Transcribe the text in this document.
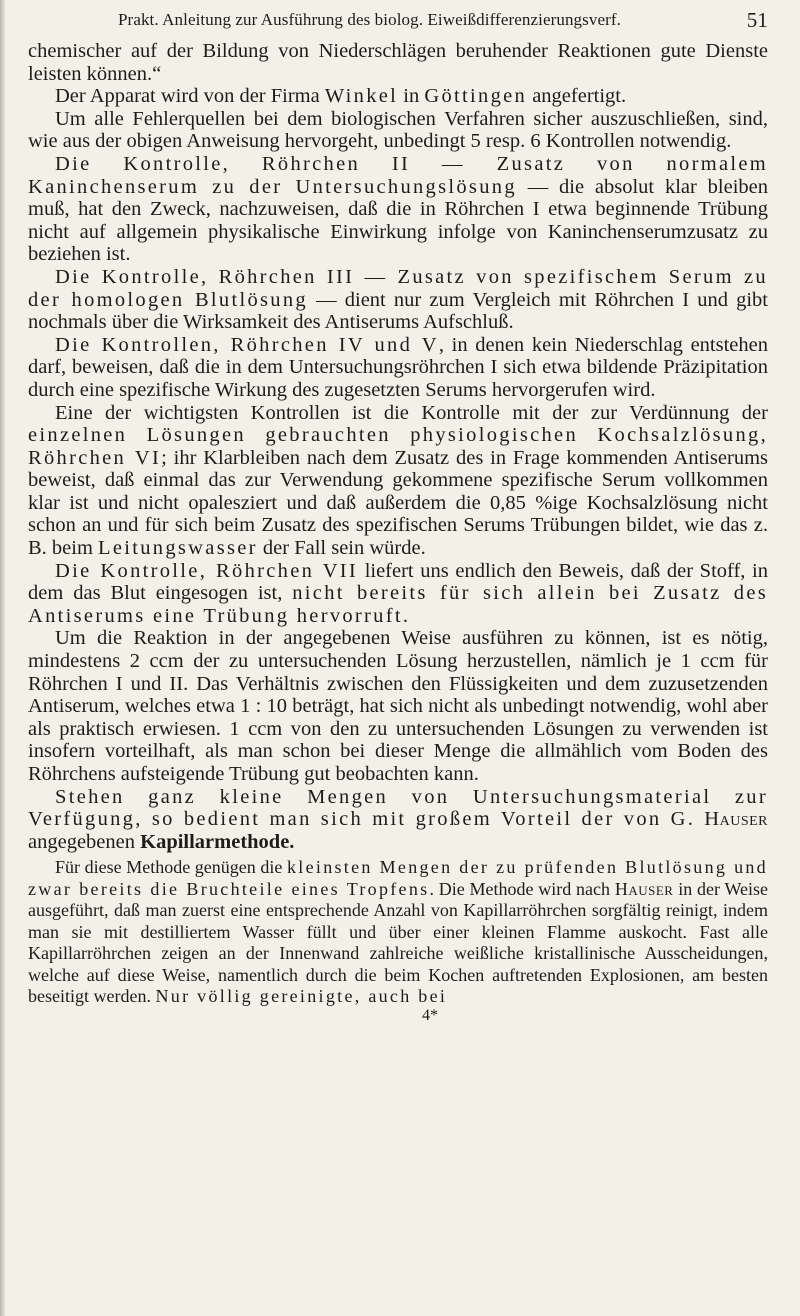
Prakt. Anleitung zur Ausführung des biolog. Eiweißdifferenzierungsverf.	51

chemischer auf der Bildung von Niederschlägen beruhender Reaktionen gute Dienste leisten können.“

Der Apparat wird von der Firma Winkel in Göttingen angefertigt.

Um alle Fehlerquellen bei dem biologischen Verfahren sicher auszuschließen, sind, wie aus der obigen Anweisung hervorgeht, unbedingt 5 resp. 6 Kontrollen notwendig.

Die Kontrolle, Röhrchen II — Zusatz von normalem Kaninchenserum zu der Untersuchungslösung — die absolut klar bleiben muß, hat den Zweck, nachzuweisen, daß die in Röhrchen I etwa beginnende Trübung nicht auf allgemein physikalische Einwirkung infolge von Kaninchenserumzusatz zu beziehen ist.

Die Kontrolle, Röhrchen III — Zusatz von spezifischem Serum zu der homologen Blutlösung — dient nur zum Vergleich mit Röhrchen I und gibt nochmals über die Wirksamkeit des Antiserums Aufschluß.

Die Kontrollen, Röhrchen IV und V, in denen kein Niederschlag entstehen darf, beweisen, daß die in dem Untersuchungsröhrchen I sich etwa bildende Präzipitation durch eine spezifische Wirkung des zugesetzten Serums hervorgerufen wird.

Eine der wichtigsten Kontrollen ist die Kontrolle mit der zur Verdünnung der einzelnen Lösungen gebrauchten physiologischen Kochsalzlösung, Röhrchen VI; ihr Klarbleiben nach dem Zusatz des in Frage kommenden Antiserums beweist, daß einmal das zur Verwendung gekommene spezifische Serum vollkommen klar ist und nicht opalesziert und daß außerdem die 0,85 %ige Kochsalzlösung nicht schon an und für sich beim Zusatz des spezifischen Serums Trübungen bildet, wie das z. B. beim Leitungswasser der Fall sein würde.

Die Kontrolle, Röhrchen VII liefert uns endlich den Beweis, daß der Stoff, in dem das Blut eingesogen ist, nicht bereits für sich allein bei Zusatz des Antiserums eine Trübung hervorruft.

Um die Reaktion in der angegebenen Weise ausführen zu können, ist es nötig, mindestens 2 ccm der zu untersuchenden Lösung herzustellen, nämlich je 1 ccm für Röhrchen I und II. Das Verhältnis zwischen den Flüssigkeiten und dem zuzusetzenden Antiserum, welches etwa 1 : 10 beträgt, hat sich nicht als unbedingt notwendig, wohl aber als praktisch erwiesen. 1 ccm von den zu untersuchenden Lösungen zu verwenden ist insofern vorteilhaft, als man schon bei dieser Menge die allmählich vom Boden des Röhrchens aufsteigende Trübung gut beobachten kann.

Stehen ganz kleine Mengen von Untersuchungsmaterial zur Verfügung, so bedient man sich mit großem Vorteil der von G. Hauser angegebenen Kapillarmethode.

Für diese Methode genügen die kleinsten Mengen der zu prüfenden Blutlösung und zwar bereits die Bruchteile eines Tropfens. Die Methode wird nach Hauser in der Weise ausgeführt, daß man zuerst eine entsprechende Anzahl von Kapillarröhrchen sorgfältig reinigt, indem man sie mit destilliertem Wasser füllt und über einer kleinen Flamme auskocht. Fast alle Kapillarröhrchen zeigen an der Innenwand zahlreiche weißliche kristallinische Ausscheidungen, welche auf diese Weise, namentlich durch die beim Kochen auftretenden Explosionen, am besten beseitigt werden. Nur völlig gereinigte, auch bei

4*
